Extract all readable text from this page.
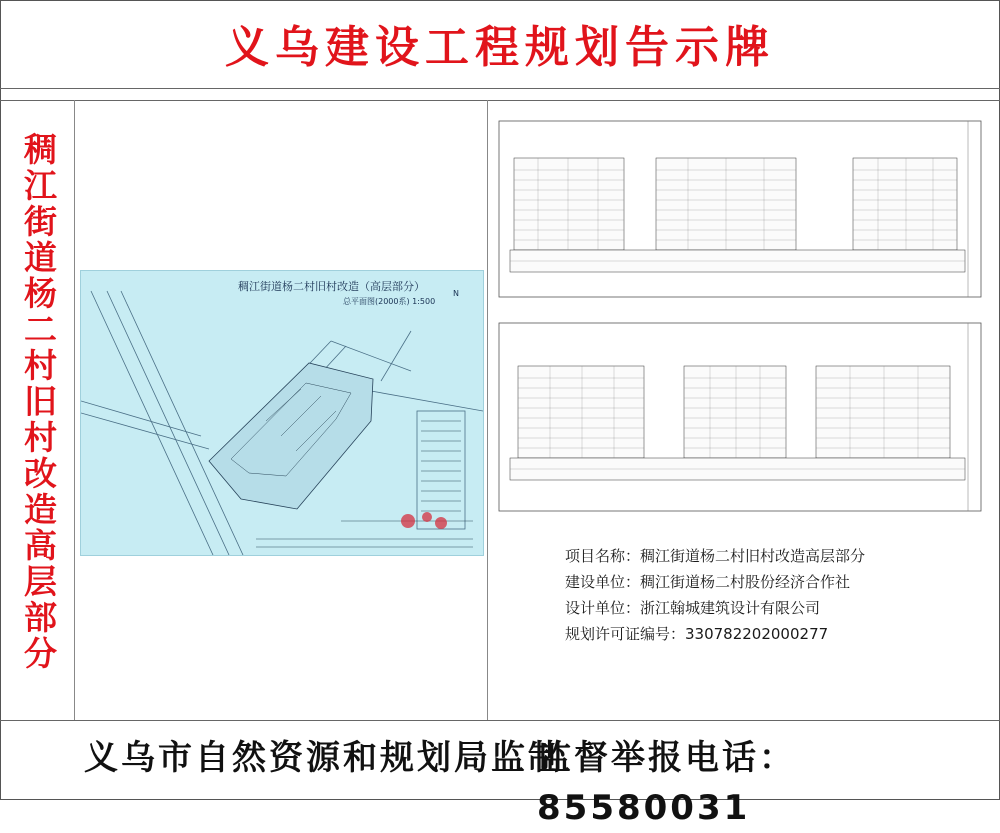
义乌建设工程规划告示牌
稠江街道杨二村旧村改造高层部分	N
稠江街道杨二村旧村改造（高层部分）
总平面图(2000系) 1:500
项目名称：稠江街道杨二村旧村改造高层部分
建设单位：稠江街道杨二村股份经济合作社
设计单位：浙江翰城建筑设计有限公司
规划许可证编号：330782202000277
义乌市自然资源和规划局监制
监督举报电话：85580031
